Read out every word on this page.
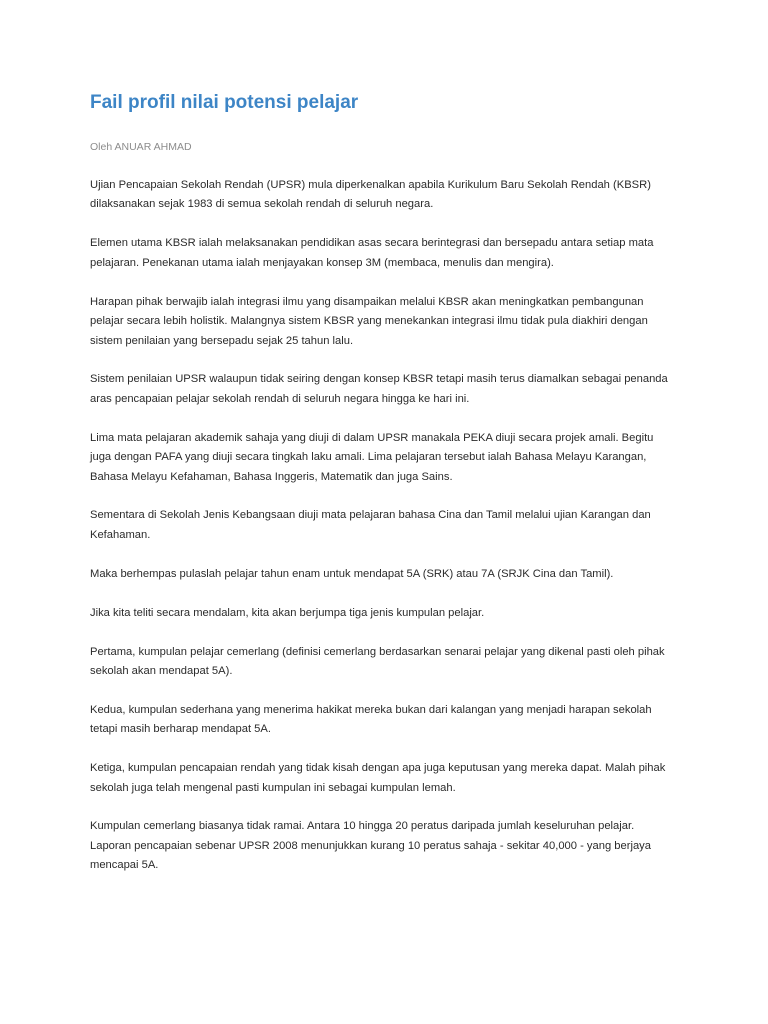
Fail profil nilai potensi pelajar
Oleh ANUAR AHMAD
Ujian Pencapaian Sekolah Rendah (UPSR) mula diperkenalkan apabila Kurikulum Baru Sekolah Rendah (KBSR)
dilaksanakan sejak 1983 di semua sekolah rendah di seluruh negara.
Elemen utama KBSR ialah melaksanakan pendidikan asas secara berintegrasi dan bersepadu antara setiap mata
pelajaran. Penekanan utama ialah menjayakan konsep 3M (membaca, menulis dan mengira).
Harapan pihak berwajib ialah integrasi ilmu yang disampaikan melalui KBSR akan meningkatkan pembangunan
pelajar secara lebih holistik. Malangnya sistem KBSR yang menekankan integrasi ilmu tidak pula diakhiri dengan
sistem penilaian yang bersepadu sejak 25 tahun lalu.
Sistem penilaian UPSR walaupun tidak seiring dengan konsep KBSR tetapi masih terus diamalkan sebagai penanda
aras pencapaian pelajar sekolah rendah di seluruh negara hingga ke hari ini.
Lima mata pelajaran akademik sahaja yang diuji di dalam UPSR manakala PEKA diuji secara projek amali. Begitu
juga dengan PAFA yang diuji secara tingkah laku amali. Lima pelajaran tersebut ialah Bahasa Melayu Karangan,
Bahasa Melayu Kefahaman, Bahasa Inggeris, Matematik dan juga Sains.
Sementara di Sekolah Jenis Kebangsaan diuji mata pelajaran bahasa Cina dan Tamil melalui ujian Karangan dan
Kefahaman.
Maka berhempas pulaslah pelajar tahun enam untuk mendapat 5A (SRK) atau 7A (SRJK Cina dan Tamil).
Jika kita teliti secara mendalam, kita akan berjumpa tiga jenis kumpulan pelajar.
Pertama, kumpulan pelajar cemerlang (definisi cemerlang berdasarkan senarai pelajar yang dikenal pasti oleh pihak
sekolah akan mendapat 5A).
Kedua, kumpulan sederhana yang menerima hakikat mereka bukan dari kalangan yang menjadi harapan sekolah
tetapi masih berharap mendapat 5A.
Ketiga, kumpulan pencapaian rendah yang tidak kisah dengan apa juga keputusan yang mereka dapat. Malah pihak
sekolah juga telah mengenal pasti kumpulan ini sebagai kumpulan lemah.
Kumpulan cemerlang biasanya tidak ramai. Antara 10 hingga 20 peratus daripada jumlah keseluruhan pelajar.
Laporan pencapaian sebenar UPSR 2008 menunjukkan kurang 10 peratus sahaja - sekitar 40,000 - yang berjaya
mencapai 5A.
